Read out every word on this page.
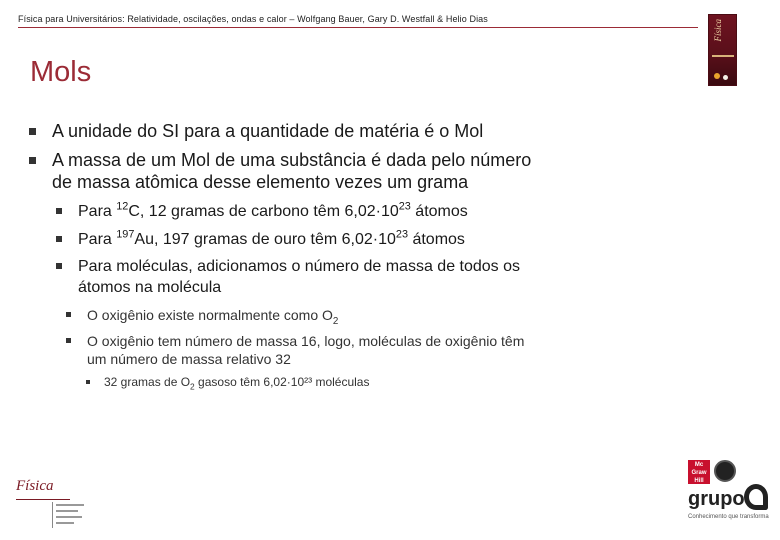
Física para Universitários: Relatividade, oscilações, ondas e calor – Wolfgang Bauer, Gary D. Westfall & Helio Dias	Física
Mols
A unidade do SI para a quantidade de matéria é o Mol
A massa de um Mol de uma substância é dada pelo número
de massa atômica desse elemento vezes um grama
Para $^{12}$C, 12 gramas de carbono têm $6,02\cdot 10^{23}$ átomos
Para $^{197}$Au, 197 gramas de ouro têm $6,02\cdot 10^{23}$ átomos
Para moléculas, adicionamos o número de massa de todos os
átomos na molécula
O oxigênio existe normalmente como $O_2$
O oxigênio tem número de massa 16, logo, moléculas de oxigênio têm
um número de massa relativo 32
32 gramas de $O_2$ gasoso têm 6,02·10²³ moléculas
Física
Mc
Graw
Hill
grupo
Conhecimento que transforma
